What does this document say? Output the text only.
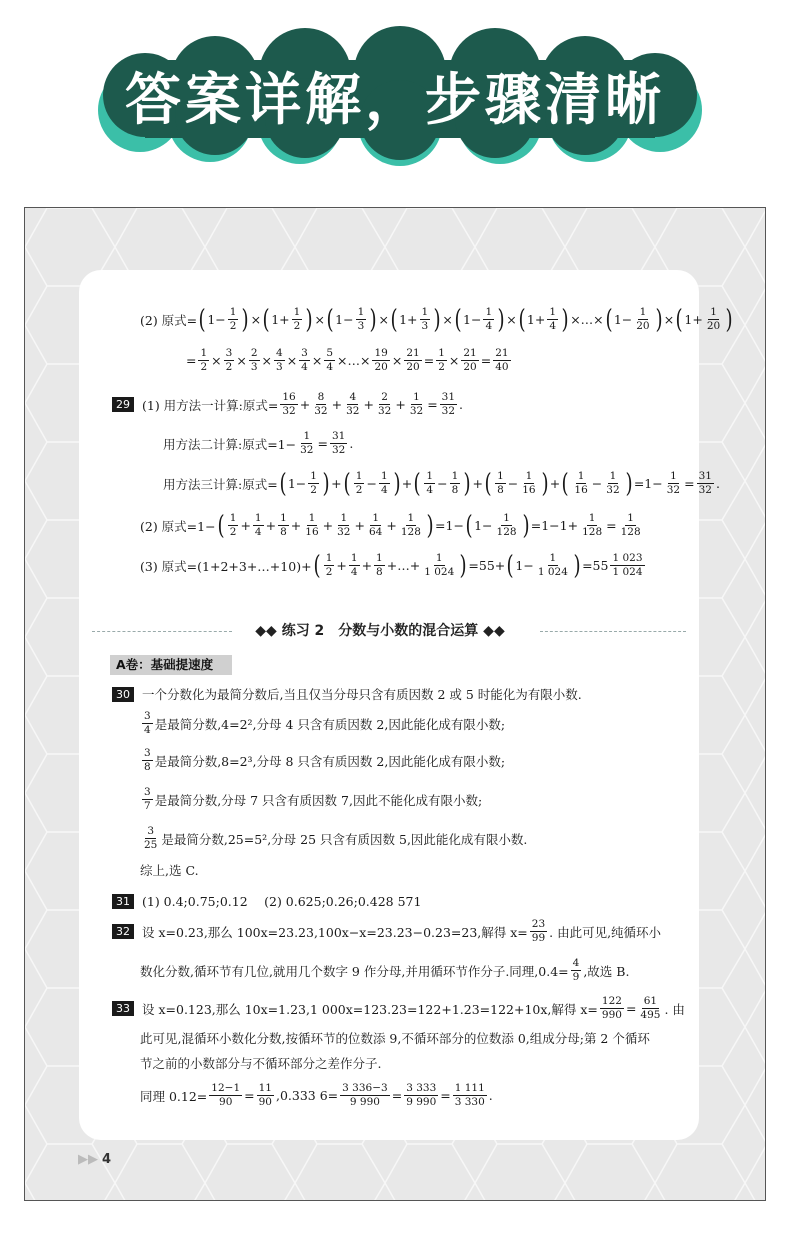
答案详解，步骤清晰
(2) 原式= ( $1- \frac{1}{2}$ ) × ( $1+ \frac{1}{2}$ ) × ( $1- \frac{1}{3}$ ) × ( $1+ \frac{1}{3}$ ) × ( $1- \frac{1}{4}$ ) × ( $1+ \frac{1}{4}$ ) ×…× ( $1- \frac{1}{20}$ ) × ( $1+ \frac{1}{20}$ )
= $\frac{1}{2} \times \frac{3}{2} \times \frac{2}{3} \times \frac{4}{3} \times \frac{3}{4} \times \frac{5}{4}$ ×…× $\frac{19}{20} \times \frac{21}{20} = \frac{1}{2} \times \frac{21}{20} = \frac{21}{40}$
29 (1) 用方法一计算:原式= $\frac{16}{32} + \frac{8}{32} + \frac{4}{32} + \frac{2}{32} + \frac{1}{32} = \frac{31}{32}$ .
用方法二计算:原式$=1- \frac{1}{32} = \frac{31}{32}$ .
用方法三计算:原式= ( $1- \frac{1}{2}$ ) + ( $\frac{1}{2} - \frac{1}{4}$ ) + ( $\frac{1}{4} - \frac{1}{8}$ ) + ( $\frac{1}{8} - \frac{1}{16}$ ) + ( $\frac{1}{16} - \frac{1}{32}$ ) $=1- \frac{1}{32} = \frac{31}{32}$ .
(2) 原式=1− ( $\frac{1}{2} + \frac{1}{4} + \frac{1}{8} + \frac{1}{16} + \frac{1}{32} + \frac{1}{64} + \frac{1}{128}$ ) =1− ( $1- \frac{1}{128}$ ) $=1-1+ \frac{1}{128} = \frac{1}{128}$
(3) 原式=(1+2+3+…+10)+ ( $\frac{1}{2} + \frac{1}{4} + \frac{1}{8}$ +…+ $\frac{1}{1 024}$ ) =55+ ( $1- \frac{1}{1 024}$ ) $=55 \frac{1 023}{1 024}$
◆◆ 练习 2　分数与小数的混合运算 ◆◆
A卷：基础提速度
30 一个分数化为最简分数后,当且仅当分母只含有质因数 2 或 5 时能化为有限小数.
$\frac{3}{4}$ 是最简分数,4=2²,分母 4 只含有质因数 2,因此能化成有限小数;
$\frac{3}{8}$ 是最简分数,8=2³,分母 8 只含有质因数 2,因此能化成有限小数;
$\frac{3}{7}$ 是最简分数,分母 7 只含有质因数 7,因此不能化成有限小数;
$\frac{3}{25}$ 是最简分数,25=5²,分母 25 只含有质因数 5,因此能化成有限小数.
综上,选 C.
31 (1) 0.4;0.75;0.12　 (2) 0.625;0.26;0.428 571
32 设 x=0.23,那么 100x=23.23,100x−x=23.23−0.23=23,解得 $x= \frac{23}{99}$ . 由此可见,纯循环小
数化分数,循环节有几位,就用几个数字 9 作分母,并用循环节作分子.同理$,0.4= \frac{4}{9}$ ,故选 B.
33 设 x=0.123,那么 10x=1.23,1 000x=123.23=122+1.23=122+10x,解得 $x= \frac{122}{990} = \frac{61}{495}$ . 由
此可见,混循环小数化分数,按循环节的位数添 9,不循环部分的位数添 0,组成分母;第 2 个循环
节之前的小数部分与不循环部分之差作分子.
同理 $0.12= \frac{12-1}{90} = \frac{11}{90} ,0.333$ $6= \frac{3 336-3}{9 990} = \frac{3 333}{9 990} = \frac{1 111}{3 330}$ .
▶▶ 4
